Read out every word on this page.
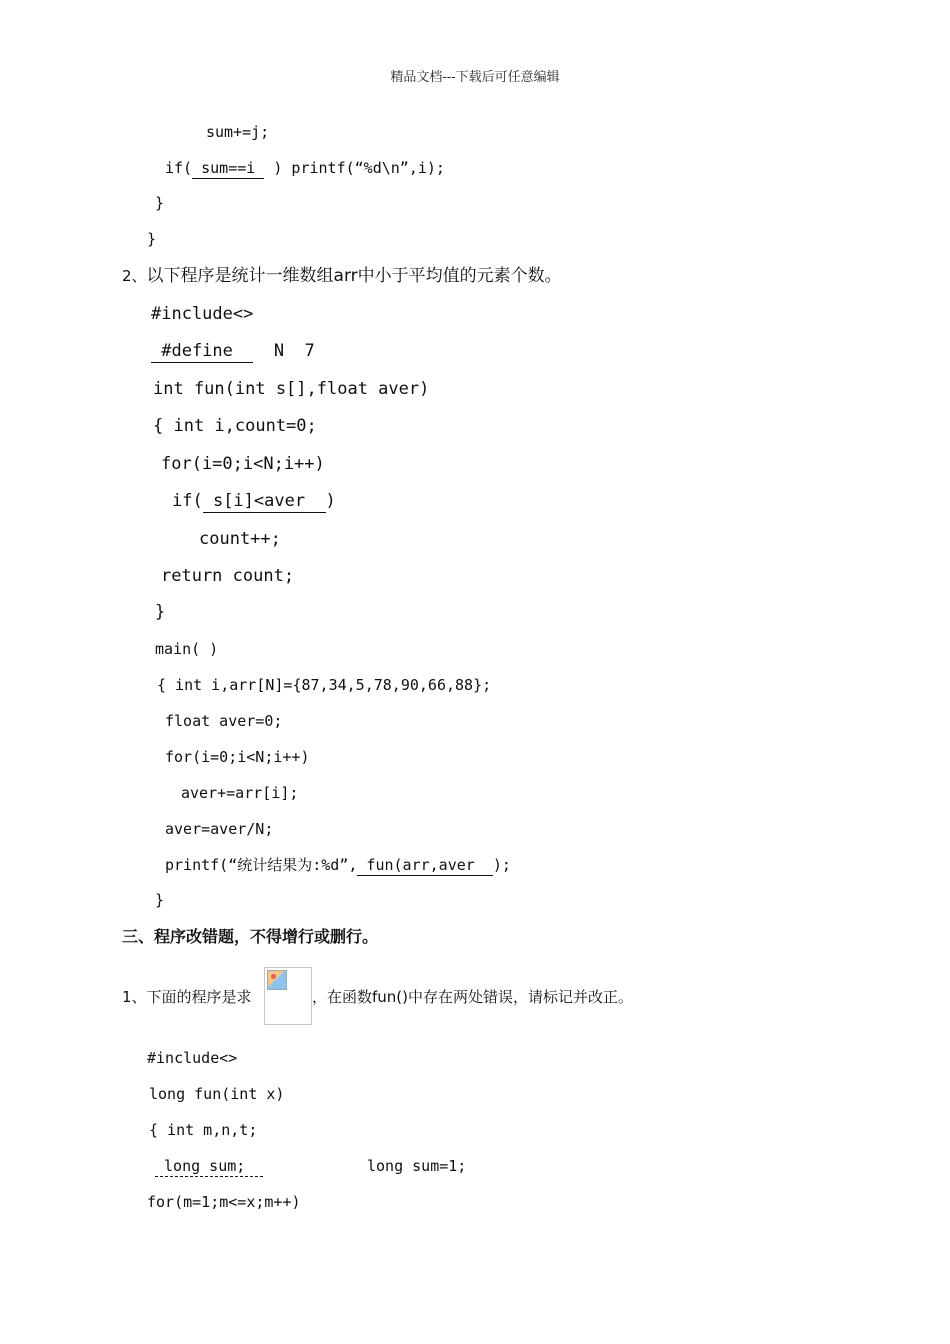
精品文档---下载后可任意编辑
sum+=j;
if( sum==i  ) printf(“%d\n”,i);
}
}
2、以下程序是统计一维数组arr中小于平均值的元素个数。
#include<>
#define    N  7
int fun(int s[],float aver)
{ int i,count=0;
for(i=0;i<N;i++)
if( s[i]<aver  )
count++;
return count;
}
main( )
{ int i,arr[N]={87,34,5,78,90,66,88};
float aver=0;
for(i=0;i<N;i++)
aver+=arr[i];
aver=aver/N;
printf(“统计结果为:%d”, fun(arr,aver  );
}
三、程序改错题，不得增行或删行。
1、下面的程序是求	，在函数fun()中存在两处错误，请标记并改正。
#include<>
long fun(int x)
{ int m,n,t;
long sum;	long sum=1;
for(m=1;m<=x;m++)
